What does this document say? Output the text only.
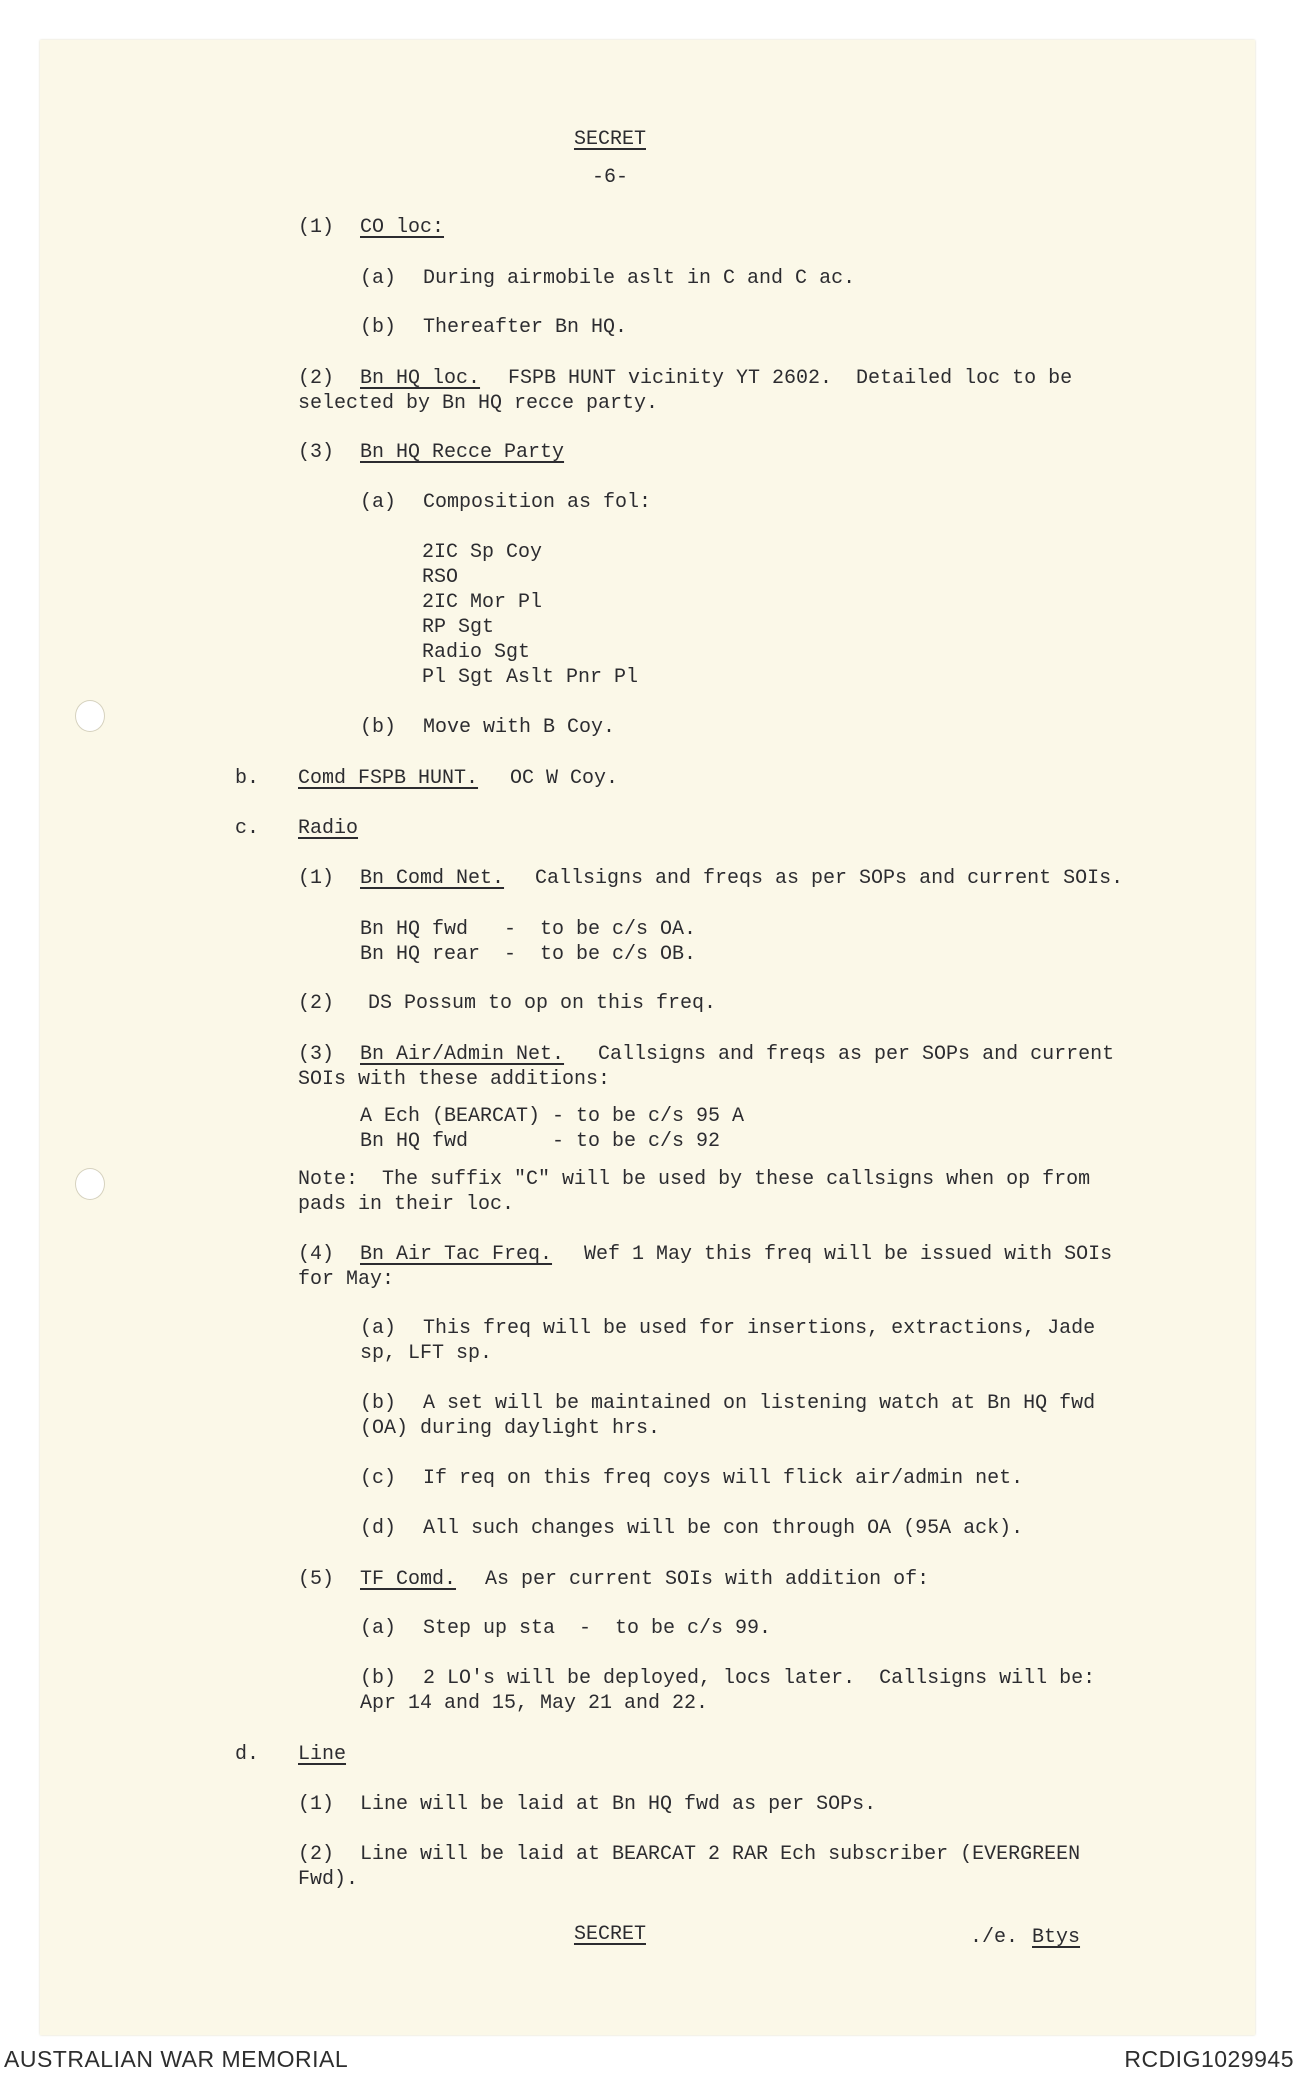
SECRET

-6-

(1) CO loc:

(a) During airmobile aslt in C and C ac.

(b) Thereafter Bn HQ.

(2) Bn HQ loc. FSPB HUNT vicinity YT 2602.  Detailed loc to be

selected by Bn HQ recce party.

(3) Bn HQ Recce Party

(a) Composition as fol:

2IC Sp Coy

RSO

2IC Mor Pl

RP Sgt

Radio Sgt

Pl Sgt Aslt Pnr Pl

(b) Move with B Coy.

b. Comd FSPB HUNT. OC W Coy.

c. Radio

(1) Bn Comd Net. Callsigns and freqs as per SOPs and current SOIs.

Bn HQ fwd   -  to be c/s OA.

Bn HQ rear  -  to be c/s OB.

(2) DS Possum to op on this freq.

(3) Bn Air/Admin Net. Callsigns and freqs as per SOPs and current

SOIs with these additions:

A Ech (BEARCAT) - to be c/s 95 A

Bn HQ fwd       - to be c/s 92

Note:  The suffix "C" will be used by these callsigns when op from

pads in their loc.

(4) Bn Air Tac Freq. Wef 1 May this freq will be issued with SOIs

for May:

(a) This freq will be used for insertions, extractions, Jade

sp, LFT sp.

(b) A set will be maintained on listening watch at Bn HQ fwd

(OA) during daylight hrs.

(c) If req on this freq coys will flick air/admin net.

(d) All such changes will be con through OA (95A ack).

(5) TF Comd. As per current SOIs with addition of:

(a) Step up sta  -  to be c/s 99.

(b) 2 LO's will be deployed, locs later.  Callsigns will be:

Apr 14 and 15, May 21 and 22.

d. Line

(1) Line will be laid at Bn HQ fwd as per SOPs.

(2) Line will be laid at BEARCAT 2 RAR Ech subscriber (EVERGREEN

Fwd).

SECRET	./e. Btys

AUSTRALIAN WAR MEMORIAL	RCDIG1029945
